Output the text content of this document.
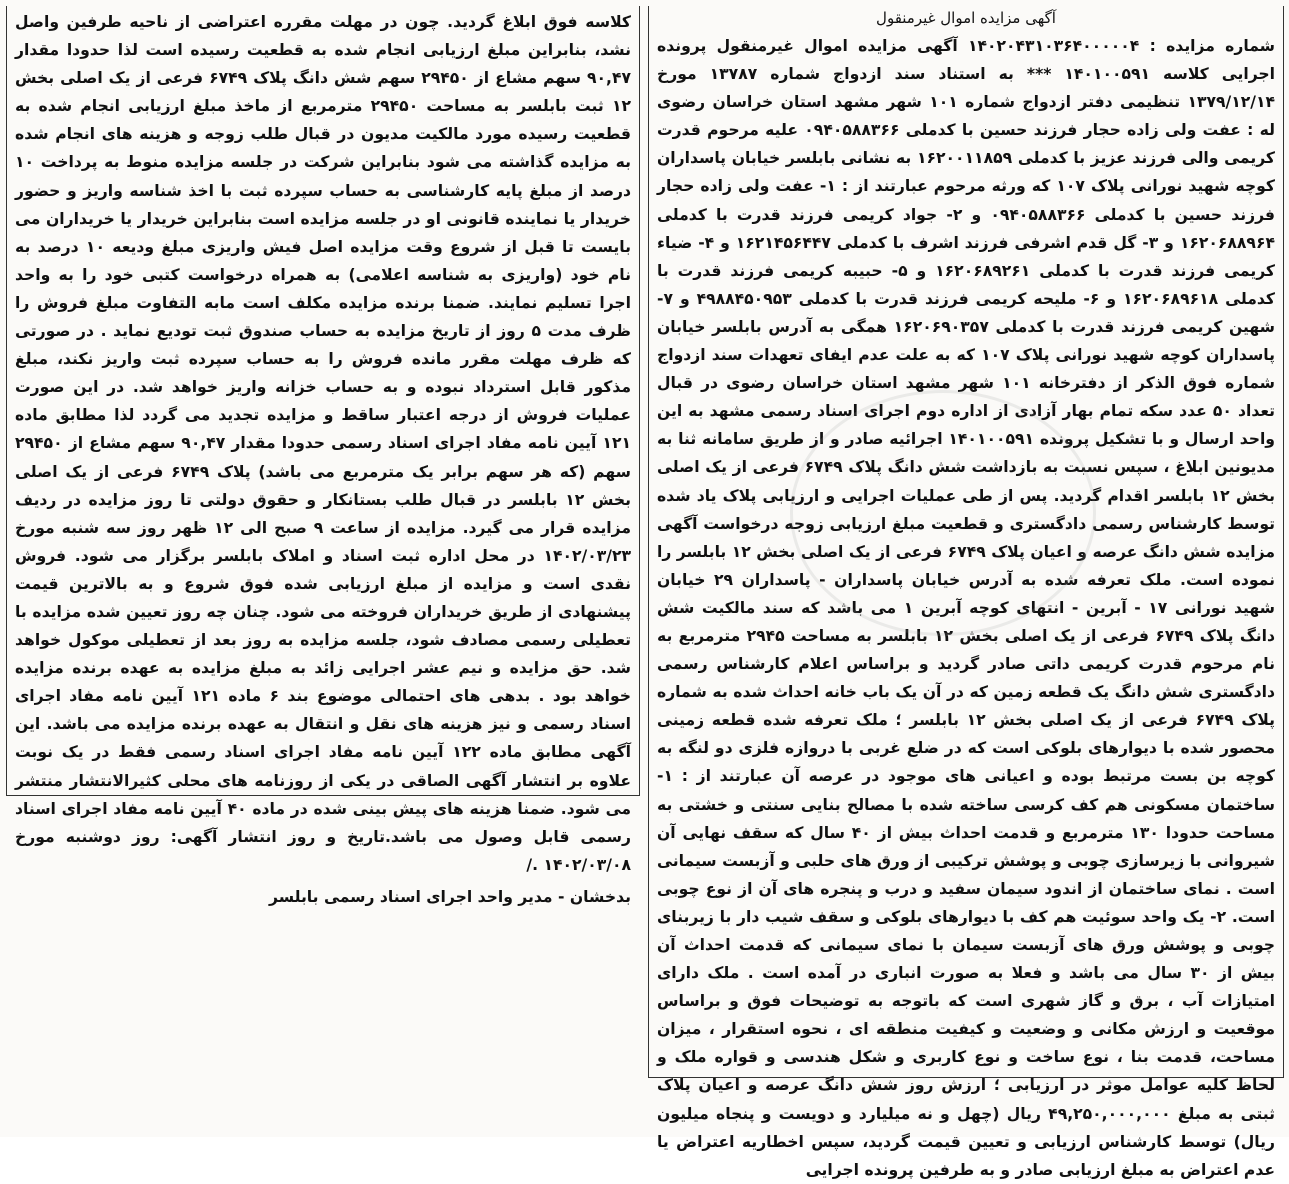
آگهی مزایده اموال غیرمنقول

شماره مزایده : ۱۴۰۲۰۴۳۱۰۳۶۴۰۰۰۰۰۴ آگهی مزایده اموال غیرمنقول پرونده اجرایی کلاسه ۱۴۰۱۰۰۵۹۱ *** به استناد سند ازدواج شماره ۱۳۷۸۷ مورخ ۱۳۷۹/۱۲/۱۴ تنظیمی دفتر ازدواج شماره ۱۰۱ شهر مشهد استان خراسان رضوی له : عفت ولی زاده حجار فرزند حسین با کدملی ۰۹۴۰۵۸۸۳۶۶ علیه مرحوم قدرت کریمی والی فرزند عزیز با کدملی ۱۶۲۰۰۱۱۸۵۹ به نشانی بابلسر خیابان پاسداران کوچه شهید نورانی پلاک ۱۰۷ که ورثه مرحوم عبارتند از : ۱- عفت ولی زاده حجار فرزند حسین با کدملی ۰۹۴۰۵۸۸۳۶۶ و ۲- جواد کریمی فرزند قدرت با کدملی ۱۶۲۰۶۸۸۹۶۴ و ۳- گل قدم اشرفی فرزند اشرف با کدملی ۱۶۲۱۴۵۶۴۴۷ و ۴- ضیاء کریمی فرزند قدرت با کدملی ۱۶۲۰۶۸۹۲۶۱ و ۵- حبیبه کریمی فرزند قدرت با کدملی ۱۶۲۰۶۸۹۶۱۸ و ۶- ملیحه کریمی فرزند قدرت با کدملی ۴۹۸۸۴۵۰۹۵۳ و ۷- شهین کریمی فرزند قدرت با کدملی ۱۶۲۰۶۹۰۳۵۷ همگی به آدرس بابلسر خیابان پاسداران کوچه شهید نورانی پلاک ۱۰۷ که به علت عدم ایفای تعهدات سند ازدواج شماره فوق الذکر از دفترخانه ۱۰۱ شهر مشهد استان خراسان رضوی در قبال تعداد ۵۰ عدد سکه تمام بهار آزادی از اداره دوم اجرای اسناد رسمی مشهد به این واحد ارسال و با تشکیل پرونده ۱۴۰۱۰۰۵۹۱ اجرائیه صادر و از طریق سامانه ثنا به مدیونین ابلاغ ، سپس نسبت به بازداشت شش دانگ پلاک ۶۷۴۹ فرعی از یک اصلی بخش ۱۲ بابلسر اقدام گردید. پس از طی عملیات اجرایی و ارزیابی پلاک یاد شده توسط کارشناس رسمی دادگستری و قطعیت مبلغ ارزیابی زوجه درخواست آگهی مزایده شش دانگ عرصه و اعیان پلاک ۶۷۴۹ فرعی از یک اصلی بخش ۱۲ بابلسر را نموده است. ملک تعرفه شده به آدرس خیابان پاسداران - پاسداران ۲۹ خیابان شهید نورانی ۱۷ - آبرین - انتهای کوچه آبرین ۱ می باشد که سند مالکیت شش دانگ پلاک ۶۷۴۹ فرعی از یک اصلی بخش ۱۲ بابلسر به مساحت ۲۹۴۵ مترمربع به نام مرحوم قدرت کریمی داتی صادر گردید و براساس اعلام کارشناس رسمی دادگستری شش دانگ یک قطعه زمین که در آن یک باب خانه احداث شده به شماره پلاک ۶۷۴۹ فرعی از یک اصلی بخش ۱۲ بابلسر ؛ ملک تعرفه شده قطعه زمینی محصور شده با دیوارهای بلوکی است که در ضلع غربی با دروازه فلزی دو لنگه به کوچه بن بست مرتبط بوده و اعیانی های موجود در عرصه آن عبارتند از : ۱- ساختمان مسکونی هم کف کرسی ساخته شده با مصالح بنایی سنتی و خشتی به مساحت حدودا ۱۳۰ مترمربع و قدمت احداث بیش از ۴۰ سال که سقف نهایی آن شیروانی با زیرسازی چوبی و پوشش ترکیبی از ورق های حلبی و آزبست سیمانی است . نمای ساختمان از اندود سیمان سفید و درب و پنجره های آن از نوع چوبی است. ۲- یک واحد سوئیت هم کف با دیوارهای بلوکی و سقف شیب دار با زیربنای چوبی و پوشش ورق های آزبست سیمان با نمای سیمانی که قدمت احداث آن بیش از ۳۰ سال می باشد و فعلا به صورت انباری در آمده است . ملک دارای امتیازات آب ، برق و گاز شهری است که باتوجه به توضیحات فوق و براساس موقعیت و ارزش مکانی و وضعیت و کیفیت منطقه ای ، نحوه استقرار ، میزان مساحت، قدمت بنا ، نوع ساخت و نوع کاربری و شکل هندسی و قواره ملک و لحاظ کلیه عوامل موثر در ارزیابی ؛ ارزش روز شش دانگ عرصه و اعیان پلاک ثبتی به مبلغ ۴۹,۲۵۰,۰۰۰,۰۰۰ ریال (چهل و نه میلیارد و دویست و پنجاه میلیون ریال) توسط کارشناس ارزیابی و تعیین قیمت گردید، سپس اخطاریه اعتراض یا عدم اعتراض به مبلغ ارزیابی صادر و به طرفین پرونده اجرایی

کلاسه فوق ابلاغ گردید. چون در مهلت مقرره اعتراضی از ناحیه طرفین واصل نشد، بنابراین مبلغ ارزیابی انجام شده به قطعیت رسیده است لذا حدودا مقدار ۹۰,۴۷ سهم مشاع از ۲۹۴۵۰ سهم شش دانگ پلاک ۶۷۴۹ فرعی از یک اصلی بخش ۱۲ ثبت بابلسر به مساحت ۲۹۴۵۰ مترمربع از ماخذ مبلغ ارزیابی انجام شده به قطعیت رسیده مورد مالکیت مدیون در قبال طلب زوجه و هزینه های انجام شده به مزایده گذاشته می شود بنابراین شرکت در جلسه مزایده منوط به پرداخت ۱۰ درصد از مبلغ پایه کارشناسی به حساب سپرده ثبت با اخذ شناسه واریز و حضور خریدار یا نماینده قانونی او در جلسه مزایده است بنابراین خریدار یا خریداران می بایست تا قبل از شروع وقت مزایده اصل فیش واریزی مبلغ ودیعه ۱۰ درصد به نام خود (واریزی به شناسه اعلامی) به همراه درخواست کتبی خود را به واحد اجرا تسلیم نمایند. ضمنا برنده مزایده مکلف است مابه التفاوت مبلغ فروش را ظرف مدت ۵ روز از تاریخ مزایده به حساب صندوق ثبت تودیع نماید . در صورتی که ظرف مهلت مقرر مانده فروش را به حساب سپرده ثبت واریز نکند، مبلغ مذکور قابل استرداد نبوده و به حساب خزانه واریز خواهد شد. در این صورت عملیات فروش از درجه اعتبار ساقط و مزایده تجدید می گردد لذا مطابق ماده ۱۲۱ آیین نامه مفاد اجرای اسناد رسمی حدودا مقدار ۹۰,۴۷ سهم مشاع از ۲۹۴۵۰ سهم (که هر سهم برابر یک مترمربع می باشد) پلاک ۶۷۴۹ فرعی از یک اصلی بخش ۱۲ بابلسر در قبال طلب بستانکار و حقوق دولتی تا روز مزایده در ردیف مزایده قرار می گیرد. مزایده از ساعت ۹ صبح الی ۱۲ ظهر روز سه شنبه مورخ ۱۴۰۲/۰۳/۲۳ در محل اداره ثبت اسناد و املاک بابلسر برگزار می شود. فروش نقدی است و مزایده از مبلغ ارزیابی شده فوق شروع و به بالاترین قیمت پیشنهادی از طریق خریداران فروخته می شود. چنان چه روز تعیین شده مزایده با تعطیلی رسمی مصادف شود، جلسه مزایده به روز بعد از تعطیلی موکول خواهد شد. حق مزایده و نیم عشر اجرایی زائد به مبلغ مزایده به عهده برنده مزایده خواهد بود . بدهی های احتمالی موضوع بند ۶ ماده ۱۲۱ آیین نامه مفاد اجرای اسناد رسمی و نیز هزینه های نقل و انتقال به عهده برنده مزایده می باشد. این آگهی مطابق ماده ۱۲۲ آیین نامه مفاد اجرای اسناد رسمی فقط در یک نوبت علاوه بر انتشار آگهی الصاقی در یکی از روزنامه های محلی کثیرالانتشار منتشر می شود. ضمنا هزینه های پیش بینی شده در ماده ۴۰ آیین نامه مفاد اجرای اسناد رسمی قابل وصول می باشد.تاریخ و روز انتشار آگهی: روز دوشنبه مورخ ۱۴۰۲/۰۳/۰۸ ./

بدخشان - مدیر واحد اجرای اسناد رسمی بابلسر
